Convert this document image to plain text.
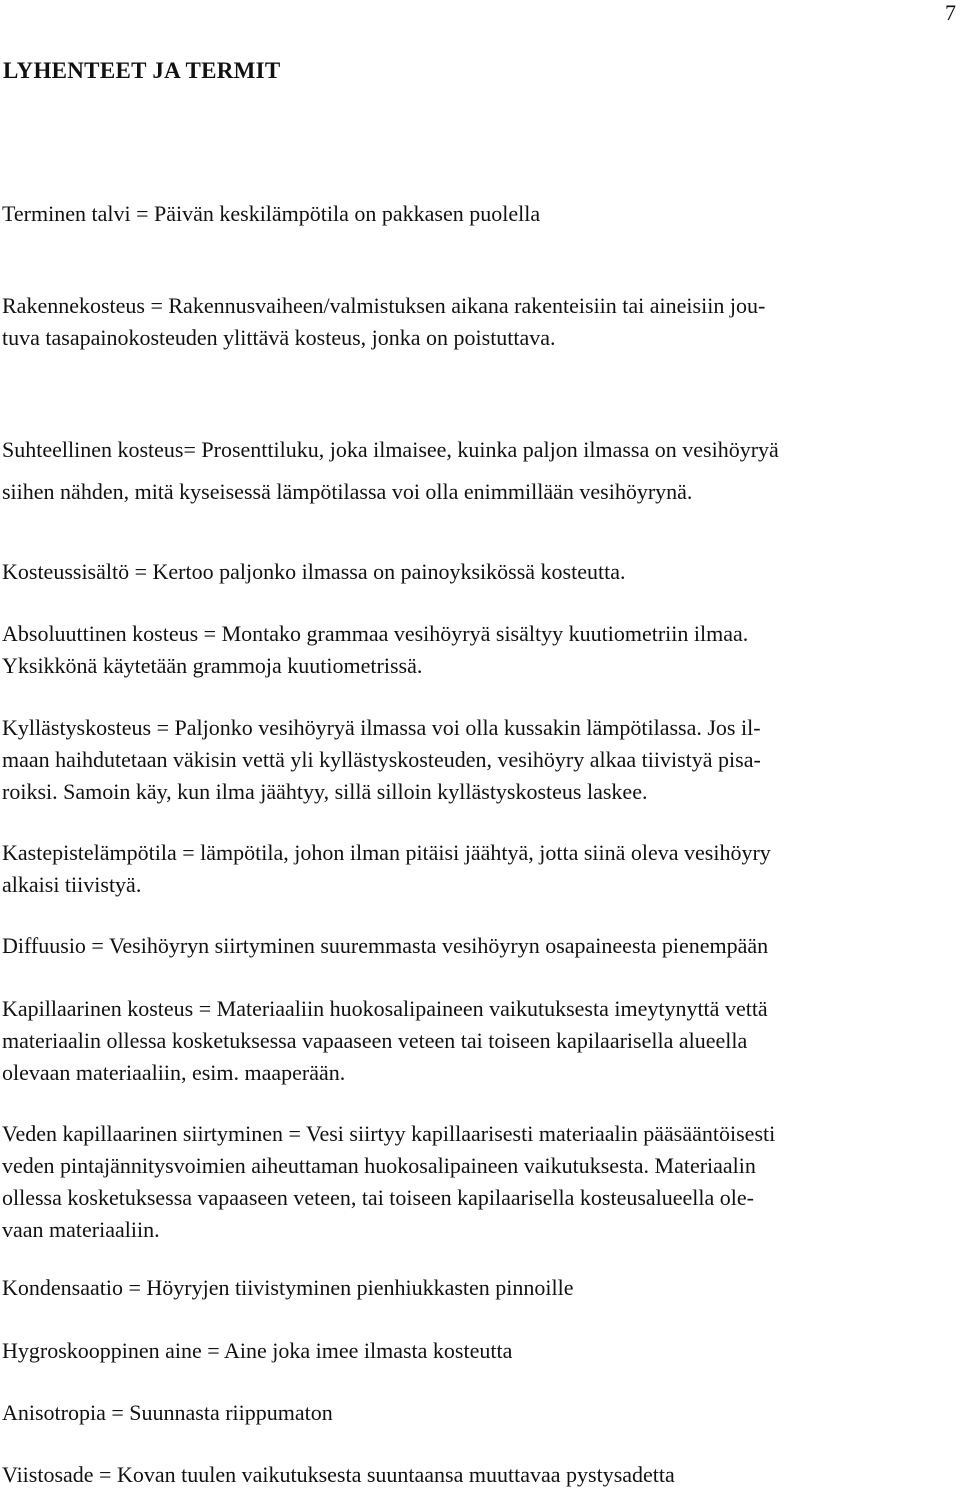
7
LYHENTEET JA TERMIT

Terminen talvi = Päivän keskilämpötila on pakkasen puolella

Rakennekosteus = Rakennusvaiheen/valmistuksen aikana rakenteisiin tai aineisiin jou-
tuva tasapainokosteuden ylittävä kosteus, jonka on poistuttava.

Suhteellinen kosteus= Prosenttiluku, joka ilmaisee, kuinka paljon ilmassa on vesihöyryä
siihen nähden, mitä kyseisessä lämpötilassa voi olla enimmillään vesihöyrynä.

Kosteussisältö = Kertoo paljonko ilmassa on painoyksikössä kosteutta.

Absoluuttinen kosteus = Montako grammaa vesihöyryä sisältyy kuutiometriin ilmaa.
Yksikkönä käytetään grammoja kuutiometrissä.

Kyllästyskosteus = Paljonko vesihöyryä ilmassa voi olla kussakin lämpötilassa. Jos il-
maan haihdutetaan väkisin vettä yli kyllästyskosteuden, vesihöyry alkaa tiivistyä pisa-
roiksi. Samoin käy, kun ilma jäähtyy, sillä silloin kyllästyskosteus laskee.

Kastepistelämpötila = lämpötila, johon ilman pitäisi jäähtyä, jotta siinä oleva vesihöyry
alkaisi tiivistyä.

Diffuusio = Vesihöyryn siirtyminen suuremmasta vesihöyryn osapaineesta pienempään

Kapillaarinen kosteus = Materiaaliin huokosalipaineen vaikutuksesta imeytynyttä vettä
materiaalin ollessa kosketuksessa vapaaseen veteen tai toiseen kapilaarisella alueella
olevaan materiaaliin, esim. maaperään.

Veden kapillaarinen siirtyminen = Vesi siirtyy kapillaarisesti materiaalin pääsääntöisesti
veden pintajännitysvoimien aiheuttaman huokosalipaineen vaikutuksesta. Materiaalin
ollessa kosketuksessa vapaaseen veteen, tai toiseen kapilaarisella kosteusalueella ole-
vaan materiaaliin.

Kondensaatio = Höyryjen tiivistyminen pienhiukkasten pinnoille

Hygroskooppinen aine = Aine joka imee ilmasta kosteutta

Anisotropia = Suunnasta riippumaton

Viistosade = Kovan tuulen vaikutuksesta suuntaansa muuttavaa pystysadetta
